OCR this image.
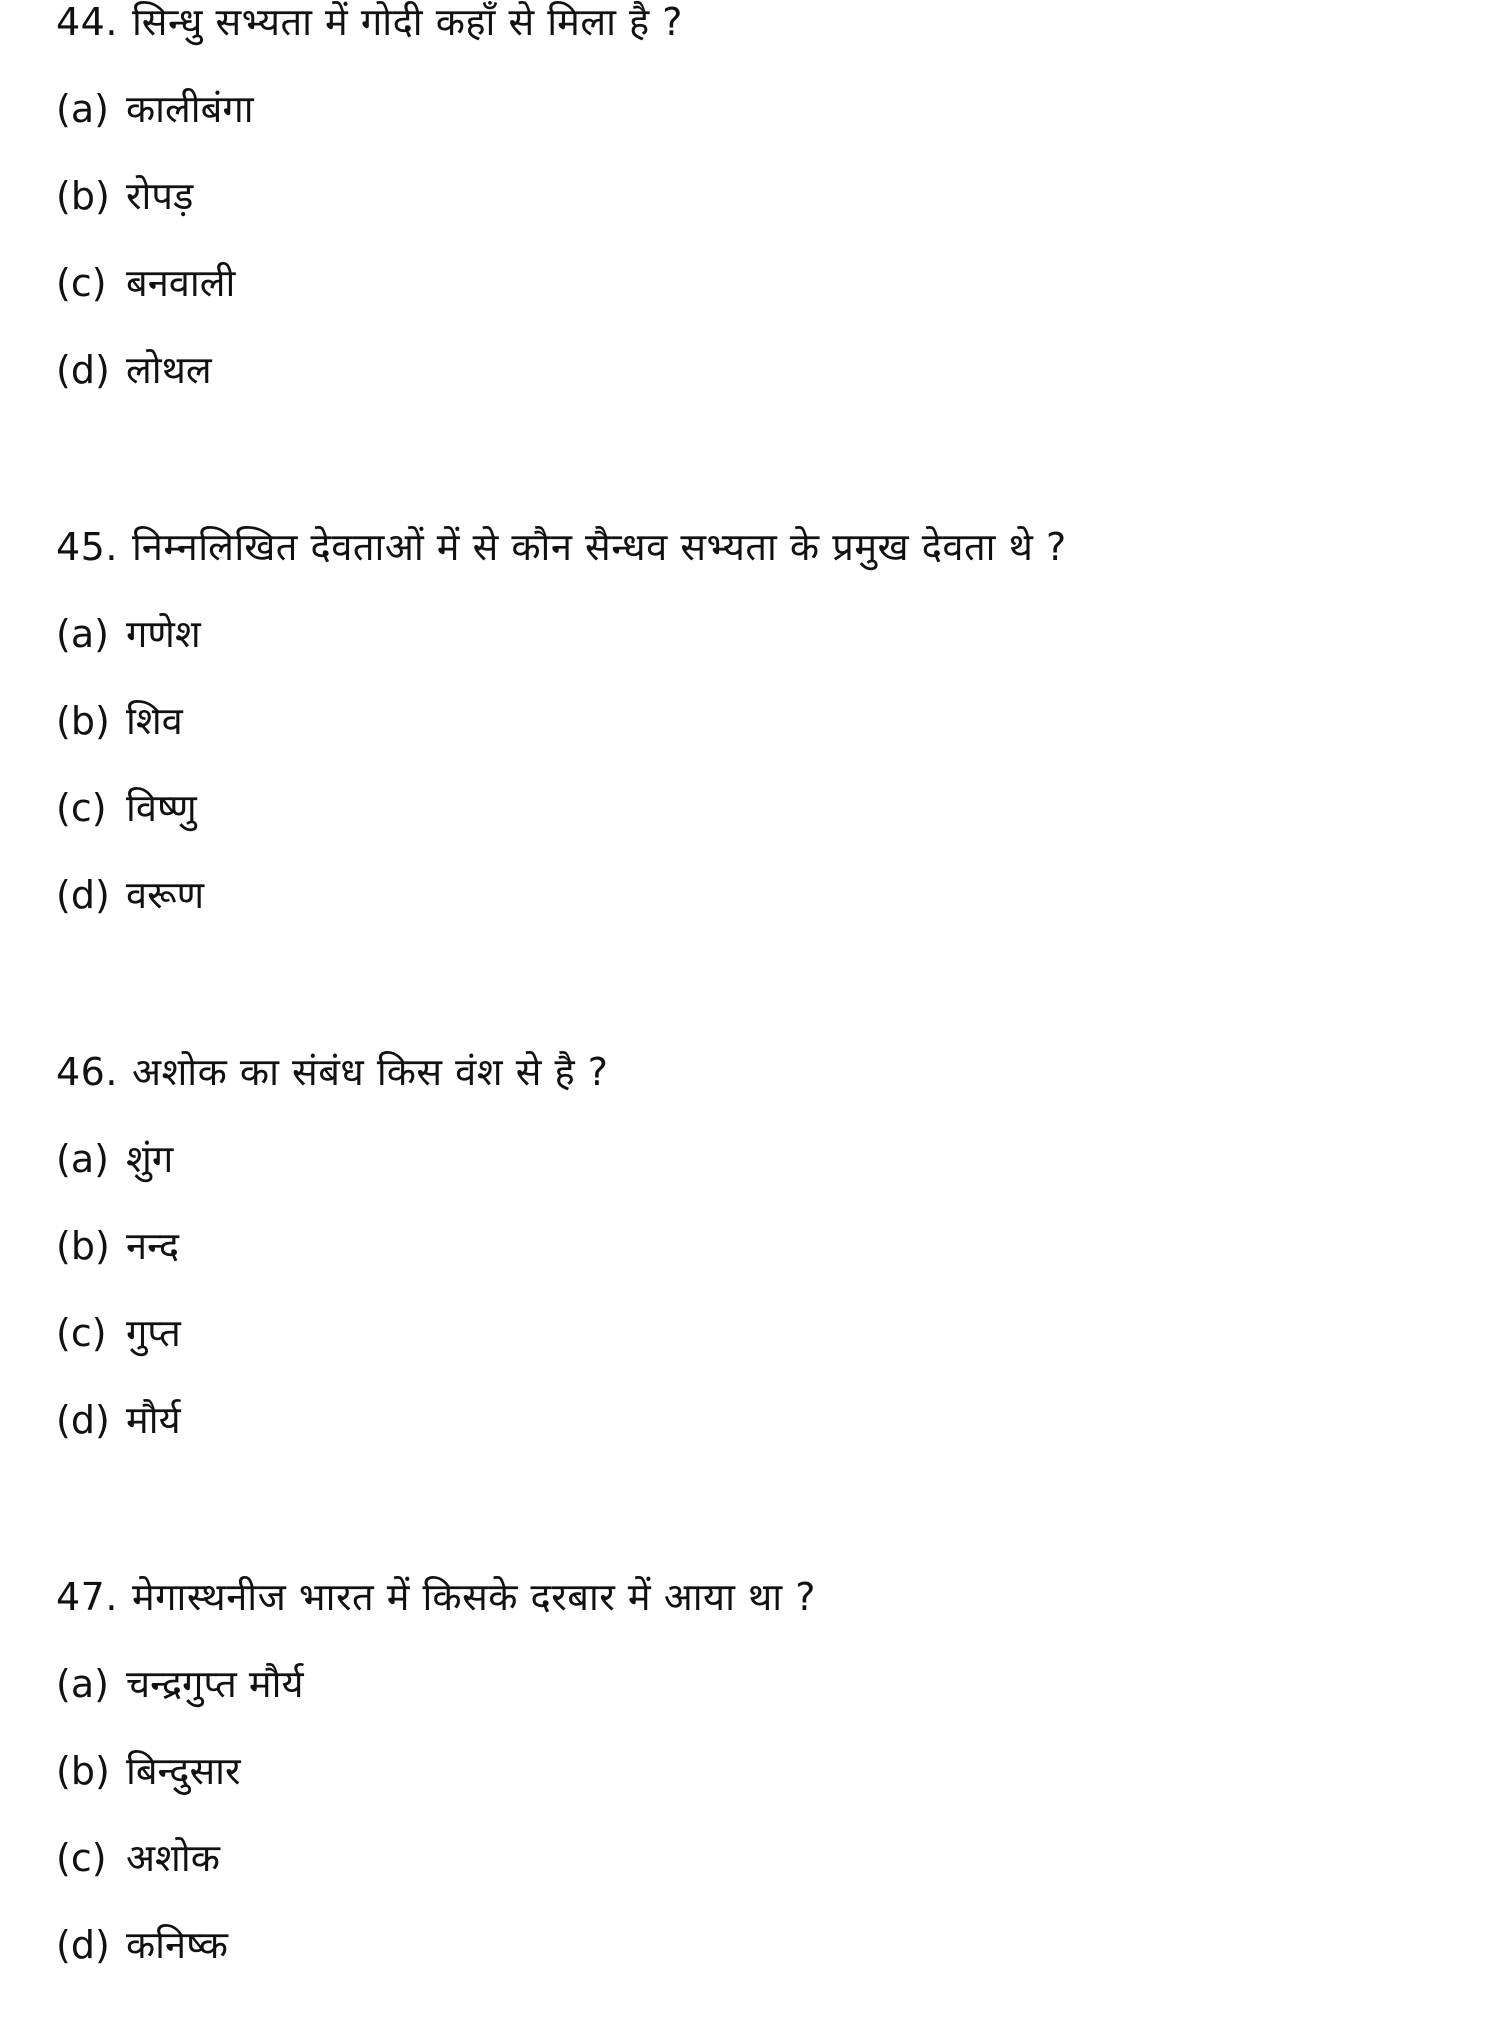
44. सिन्धु सभ्यता में गोदी कहाँ से मिला है ?
(a) कालीबंगा
(b) रोपड़
(c) बनवाली
(d) लोथल
45. निम्नलिखित देवताओं में से कौन सैन्धव सभ्यता के प्रमुख देवता थे ?
(a) गणेश
(b) शिव
(c) विष्णु
(d) वरूण
46. अशोक का संबंध किस वंश से है ?
(a) शुंग
(b) नन्द
(c) गुप्त
(d) मौर्य
47. मेगास्थनीज भारत में किसके दरबार में आया था ?
(a) चन्द्रगुप्त मौर्य
(b) बिन्दुसार
(c) अशोक
(d) कनिष्क
